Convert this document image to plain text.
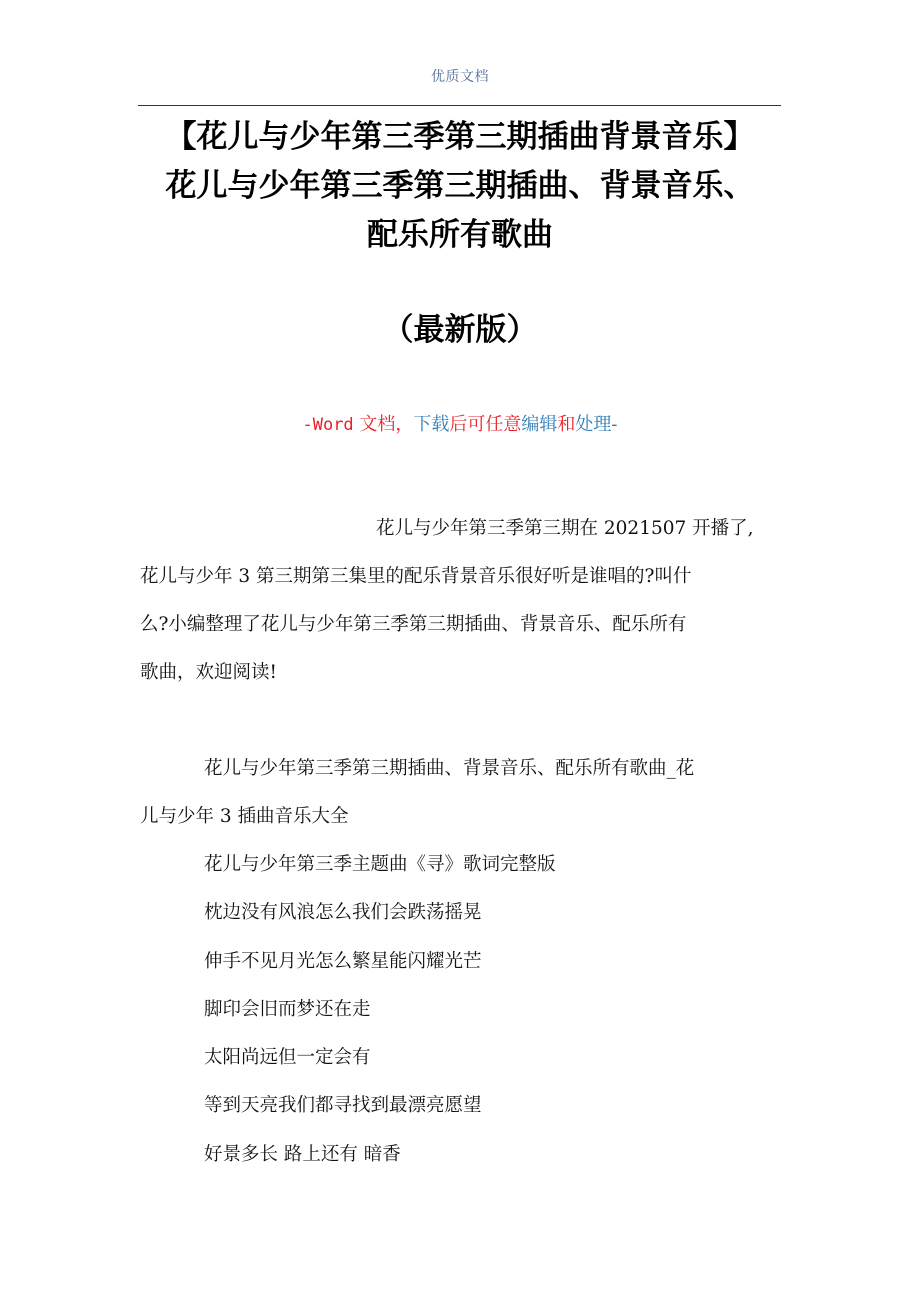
优质文档
【花儿与少年第三季第三期插曲背景音乐】
花儿与少年第三季第三期插曲、背景音乐、
配乐所有歌曲
（最新版）
-Word 文档，下载后可任意编辑和处理-
花儿与少年第三季第三期在 2021507 开播了,
花儿与少年 3 第三期第三集里的配乐背景音乐很好听是谁唱的?叫什
么?小编整理了花儿与少年第三季第三期插曲、背景音乐、配乐所有
歌曲，欢迎阅读!
花儿与少年第三季第三期插曲、背景音乐、配乐所有歌曲_花
儿与少年 3 插曲音乐大全
花儿与少年第三季主题曲《寻》歌词完整版
枕边没有风浪怎么我们会跌荡摇晃
伸手不见月光怎么繁星能闪耀光芒
脚印会旧而梦还在走
太阳尚远但一定会有
等到天亮我们都寻找到最漂亮愿望
好景多长 路上还有 暗香
